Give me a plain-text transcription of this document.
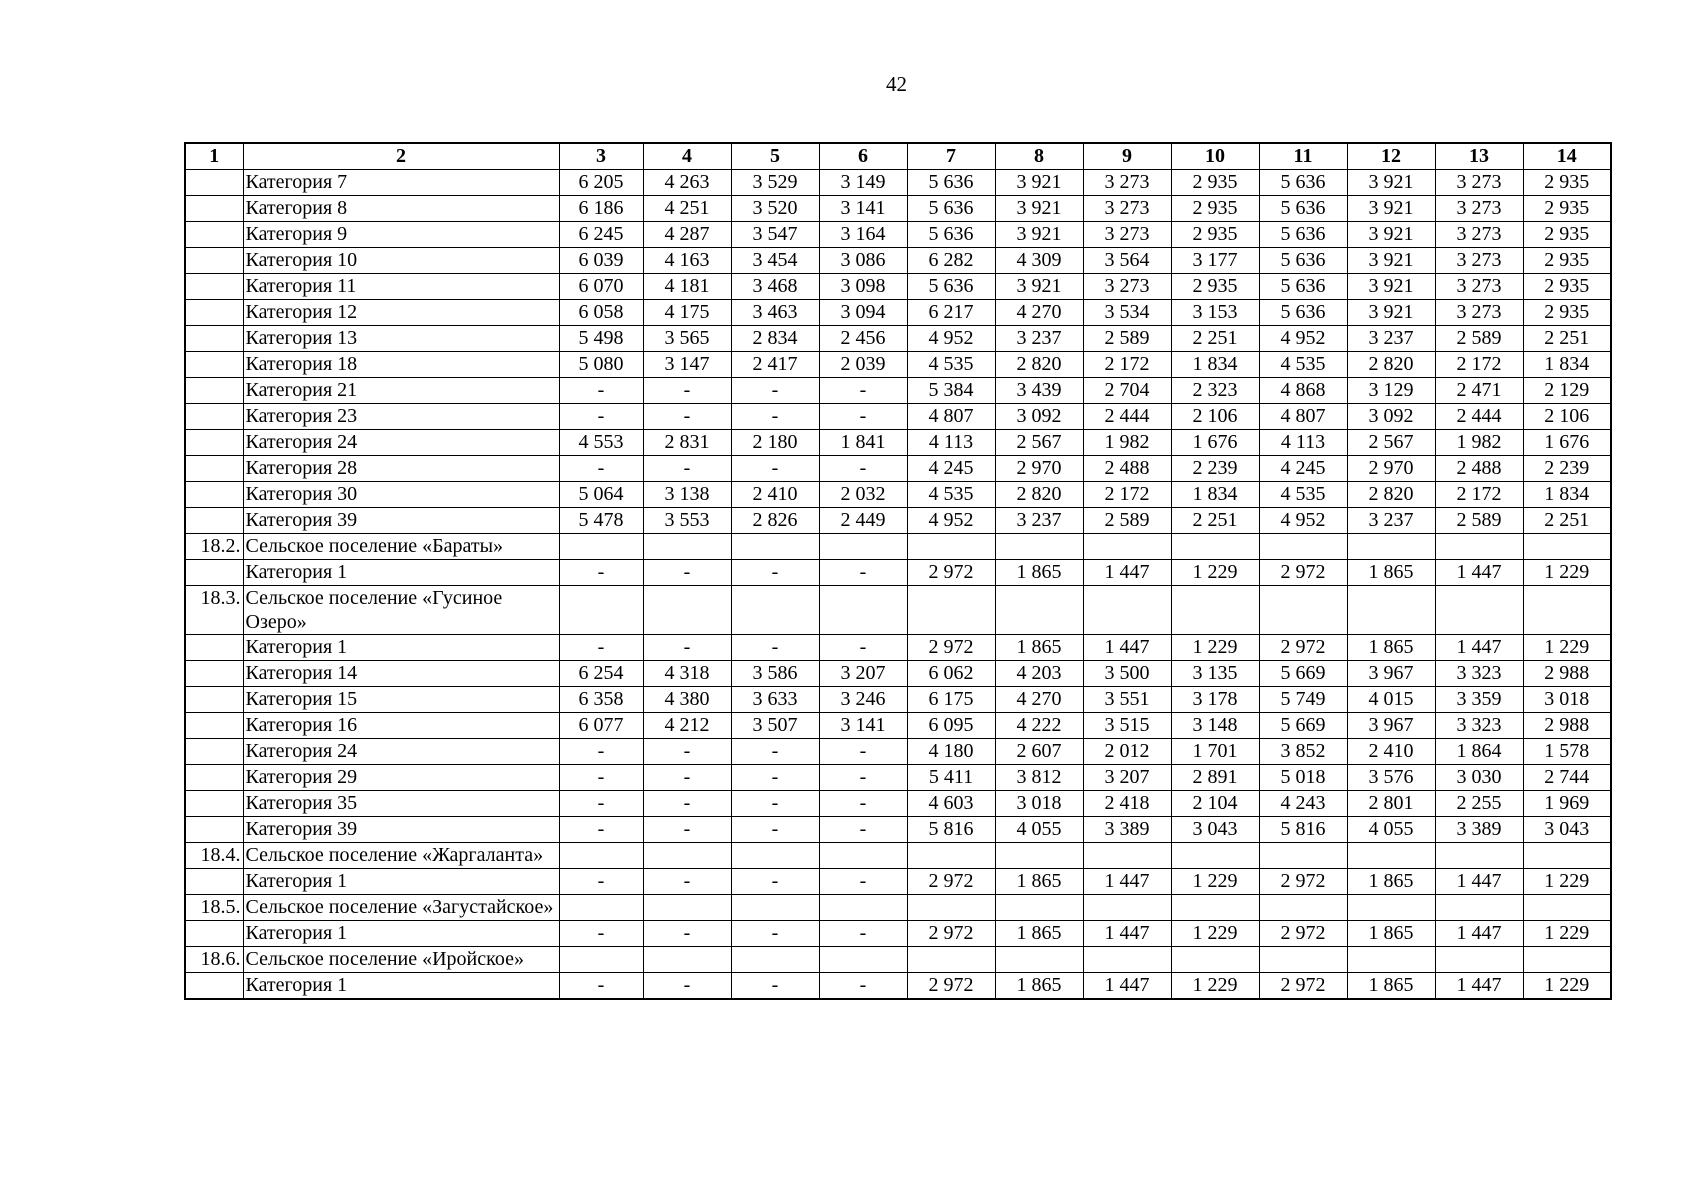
42
1	2	3	4	5	6	7	8	9	10	11	12	13	14
	Категория 7	6 205	4 263	3 529	3 149	5 636	3 921	3 273	2 935	5 636	3 921	3 273	2 935
	Категория 8	6 186	4 251	3 520	3 141	5 636	3 921	3 273	2 935	5 636	3 921	3 273	2 935
	Категория 9	6 245	4 287	3 547	3 164	5 636	3 921	3 273	2 935	5 636	3 921	3 273	2 935
	Категория 10	6 039	4 163	3 454	3 086	6 282	4 309	3 564	3 177	5 636	3 921	3 273	2 935
	Категория 11	6 070	4 181	3 468	3 098	5 636	3 921	3 273	2 935	5 636	3 921	3 273	2 935
	Категория 12	6 058	4 175	3 463	3 094	6 217	4 270	3 534	3 153	5 636	3 921	3 273	2 935
	Категория 13	5 498	3 565	2 834	2 456	4 952	3 237	2 589	2 251	4 952	3 237	2 589	2 251
	Категория 18	5 080	3 147	2 417	2 039	4 535	2 820	2 172	1 834	4 535	2 820	2 172	1 834
	Категория 21	-	-	-	-	5 384	3 439	2 704	2 323	4 868	3 129	2 471	2 129
	Категория 23	-	-	-	-	4 807	3 092	2 444	2 106	4 807	3 092	2 444	2 106
	Категория 24	4 553	2 831	2 180	1 841	4 113	2 567	1 982	1 676	4 113	2 567	1 982	1 676
	Категория 28	-	-	-	-	4 245	2 970	2 488	2 239	4 245	2 970	2 488	2 239
	Категория 30	5 064	3 138	2 410	2 032	4 535	2 820	2 172	1 834	4 535	2 820	2 172	1 834
	Категория 39	5 478	3 553	2 826	2 449	4 952	3 237	2 589	2 251	4 952	3 237	2 589	2 251
18.2.	Сельское поселение «Бараты»												
	Категория 1	-	-	-	-	2 972	1 865	1 447	1 229	2 972	1 865	1 447	1 229
18.3.	Сельское поселение «Гусиное Озеро»												
	Категория 1	-	-	-	-	2 972	1 865	1 447	1 229	2 972	1 865	1 447	1 229
	Категория 14	6 254	4 318	3 586	3 207	6 062	4 203	3 500	3 135	5 669	3 967	3 323	2 988
	Категория 15	6 358	4 380	3 633	3 246	6 175	4 270	3 551	3 178	5 749	4 015	3 359	3 018
	Категория 16	6 077	4 212	3 507	3 141	6 095	4 222	3 515	3 148	5 669	3 967	3 323	2 988
	Категория 24	-	-	-	-	4 180	2 607	2 012	1 701	3 852	2 410	1 864	1 578
	Категория 29	-	-	-	-	5 411	3 812	3 207	2 891	5 018	3 576	3 030	2 744
	Категория 35	-	-	-	-	4 603	3 018	2 418	2 104	4 243	2 801	2 255	1 969
	Категория 39	-	-	-	-	5 816	4 055	3 389	3 043	5 816	4 055	3 389	3 043
18.4.	Сельское поселение «Жаргаланта»												
	Категория 1	-	-	-	-	2 972	1 865	1 447	1 229	2 972	1 865	1 447	1 229
18.5.	Сельское поселение «Загустайское»												
	Категория 1	-	-	-	-	2 972	1 865	1 447	1 229	2 972	1 865	1 447	1 229
18.6.	Сельское поселение «Иройское»												
	Категория 1	-	-	-	-	2 972	1 865	1 447	1 229	2 972	1 865	1 447	1 229
